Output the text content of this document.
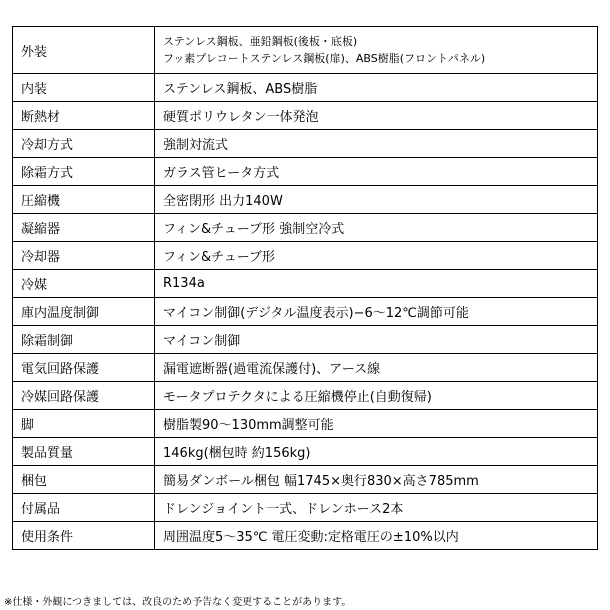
外装	ステンレス鋼板、亜鉛鋼板(後板・底板)
フッ素プレコートステンレス鋼板(扉)、ABS樹脂(フロントパネル)

内装	ステンレス鋼板、ABS樹脂
断熱材	硬質ポリウレタン一体発泡
冷却方式	強制対流式
除霜方式	ガラス管ヒータ方式
圧縮機	全密閉形 出力140W
凝縮器	フィン&チューブ形 強制空冷式
冷却器	フィン&チューブ形
冷媒	R134a
庫内温度制御	マイコン制御(デジタル温度表示)−6〜12℃調節可能
除霜制御	マイコン制御
電気回路保護	漏電遮断器(過電流保護付)、アース線
冷媒回路保護	モータプロテクタによる圧縮機停止(自動復帰)
脚	樹脂製90〜130mm調整可能
製品質量	146kg(梱包時 約156kg)
梱包	簡易ダンボール梱包 幅1745×奥行830×高さ785mm
付属品	ドレンジョイント一式、ドレンホース2本
使用条件	周囲温度5〜35℃ 電圧変動:定格電圧の±10%以内
※仕様・外観につきましては、改良のため予告なく変更することがあります。
